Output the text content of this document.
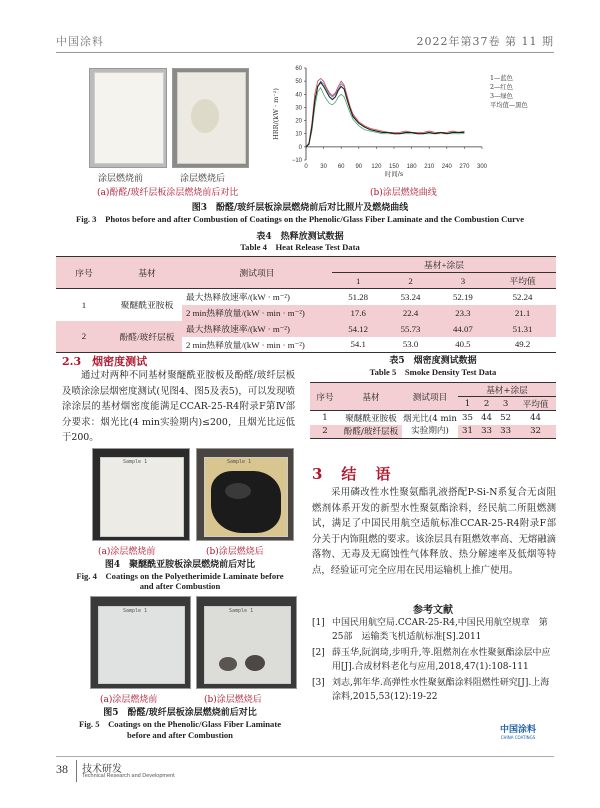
中国涂料	2022年第37卷 第 11 期
涂层燃烧前	涂层燃烧后
(a)酚醛/玻纤层板涂层燃烧前后对比	(b)涂层燃烧曲线
60
50
40
30
20
10
0
−10
0 30 60 90 120 150 180 210 240 270 300
时间/s
HRR/(kW · m⁻²)
1—蓝色
2—红色
3—绿色
平均值—黑色
图3　酚醛/玻纤层板涂层燃烧前后对比照片及燃烧曲线
Fig. 3　Photos before and after Combustion of Coatings on the Phenolic/Glass Fiber Laminate and the Combustion Curve
表4　热释放测试数据
Table 4　Heat Release Test Data
序号	基材	测试项目	基材+涂层			
			1	2	3	平均值
1	聚醚酰亚胺板	最大热释放速率/(kW · m⁻²)	51.28	53.24	52.19	52.24
		2 min热释放量/(kW · min · m⁻²)	17.6	22.4	23.3	21.1
2	酚醛/玻纤层板	最大热释放速率/(kW · m⁻²)	54.12	55.73	44.07	51.31
		2 min热释放量/(kW · min · m⁻²)	54.1	53.0	40.5	49.2
2.3　烟密度测试
通过对两种不同基材聚醚酰亚胺板及酚醛/玻纤层板及喷涂涂层烟密度测试(见图4、图5及表5)，可以发现喷涂涂层的基材烟密度能满足CCAR-25-R4附录F第Ⅳ部分要求：烟光比(4 min实验期内)≤200，且烟光比远低于200。
表5　烟密度测试数据
Table 5　Smoke Density Test Data
序号	基材	测试项目	基材+涂层			
			1	2	3	平均值
1	聚醚酰亚胺板	烟光比(4 min实验期内)	35	44	52	44
2	酚醛/玻纤层板		31	33	33	32
Sample 1	Sample 1
(a)涂层燃烧前	(b)涂层燃烧后
图4　聚醚酰亚胺板涂层燃烧前后对比
Fig. 4　Coatings on the Polyetherimide Laminate before
and after Combustion
Sample 1	Sample 1
(a)涂层燃烧前	(b)涂层燃烧后
图5　酚醛/玻纤层板涂层燃烧前后对比
Fig. 5　Coatings on the Phenolic/Glass Fiber Laminate
before and after Combustion
3　结　语
采用磷改性水性聚氨酯乳液搭配P-Si-N系复合无卤阻燃剂体系开发的新型水性聚氨酯涂料，经民航二所阻燃测试，满足了中国民用航空适航标准CCAR-25-R4附录F部分关于内饰阻燃的要求。该涂层具有阻燃效率高、无熔融滴落物、无毒及无腐蚀性气体释放、热分解速率及低烟等特点，经验证可完全应用在民用运输机上推广使用。
参考文献
[1] 中国民用航空局.CCAR-25-R4,中国民用航空规章　第25部　运输类飞机适航标准[S].2011
[2] 薛玉华,阮润琦,步明升,等.阻燃剂在水性聚氨酯涂层中应用[J].合成材料老化与应用,2018,47(1):108-111
[3] 刘志,郭年华.高弹性水性聚氨酯涂料阻燃性研究[J].上海涂料,2015,53(12):19-22
中国涂料
CHINA COATINGS
38 技术研发
Technical Research and Development
